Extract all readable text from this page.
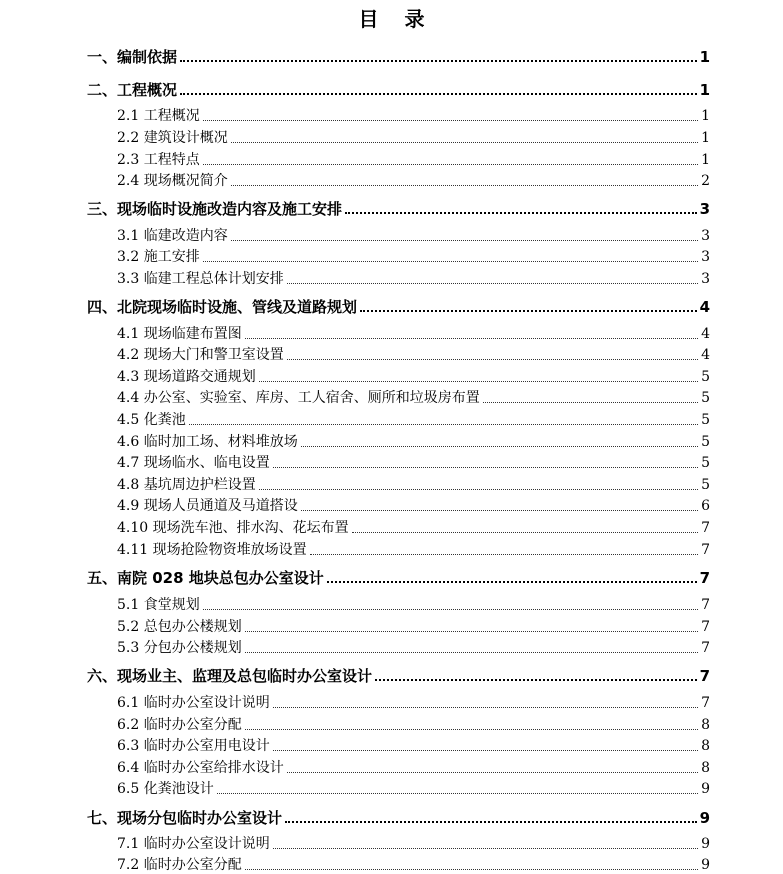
目 录
一、编制依据	1
二、工程概况	1
2.1 工程概况	1
2.2 建筑设计概况	1
2.3 工程特点	1
2.4 现场概况简介	2
三、现场临时设施改造内容及施工安排	3
3.1 临建改造内容	3
3.2 施工安排	3
3.3 临建工程总体计划安排	3
四、北院现场临时设施、管线及道路规划	4
4.1 现场临建布置图	4
4.2 现场大门和警卫室设置	4
4.3 现场道路交通规划	5
4.4 办公室、实验室、库房、工人宿舍、厕所和垃圾房布置	5
4.5 化粪池	5
4.6 临时加工场、材料堆放场	5
4.7 现场临水、临电设置	5
4.8 基坑周边护栏设置	5
4.9 现场人员通道及马道搭设	6
4.10 现场洗车池、排水沟、花坛布置	7
4.11 现场抢险物资堆放场设置	7
五、南院 028 地块总包办公室设计	7
5.1 食堂规划	7
5.2 总包办公楼规划	7
5.3 分包办公楼规划	7
六、现场业主、监理及总包临时办公室设计	7
6.1 临时办公室设计说明	7
6.2 临时办公室分配	8
6.3 临时办公室用电设计	8
6.4 临时办公室给排水设计	8
6.5 化粪池设计	9
七、现场分包临时办公室设计	9
7.1 临时办公室设计说明	9
7.2 临时办公室分配	9
